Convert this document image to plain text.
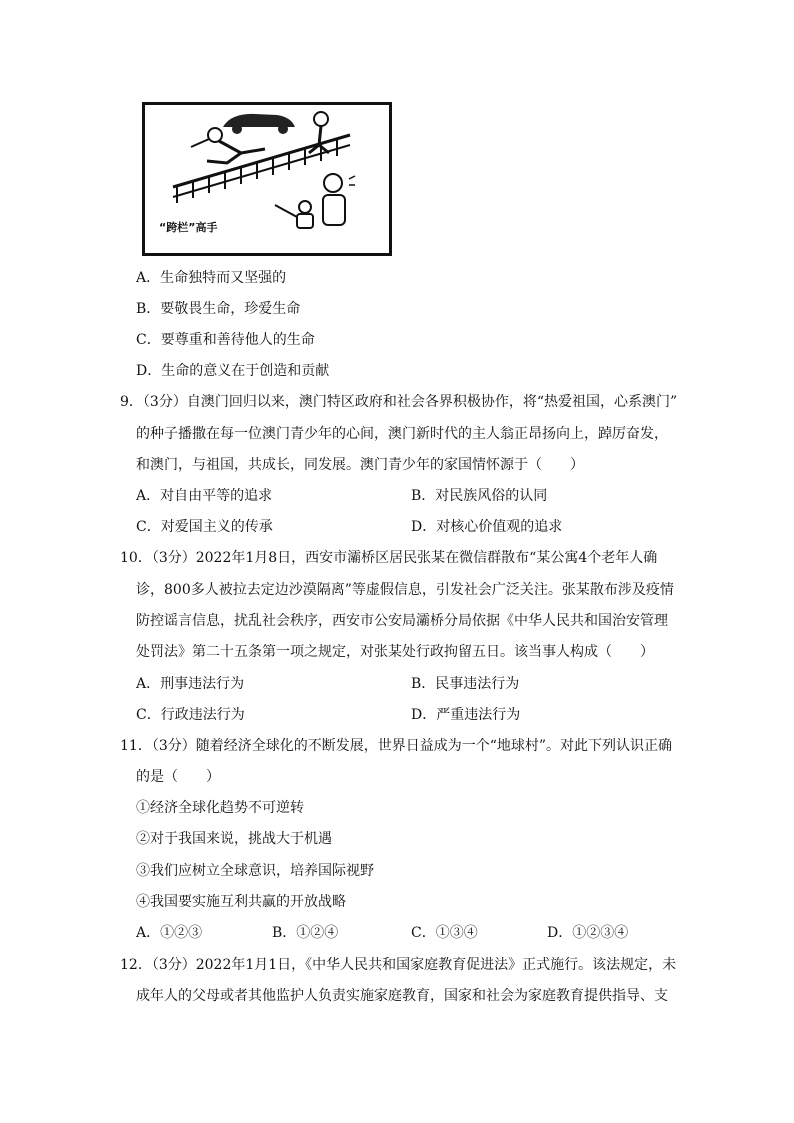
“跨栏”高手
A．生命独特而又坚强的
B．要敬畏生命，珍爱生命
C．要尊重和善待他人的生命
D．生命的意义在于创造和贡献
9．（3分）自澳门回归以来，澳门特区政府和社会各界积极协作，将“热爱祖国，心系澳门”
的种子播撒在每一位澳门青少年的心间，澳门新时代的主人翁正昂扬向上，踔厉奋发，
和澳门，与祖国，共成长，同发展。澳门青少年的家国情怀源于（　　）
A．对自由平等的追求	B．对民族风俗的认同
C．对爱国主义的传承	D．对核心价值观的追求
10．（3分）2022年1月8日，西安市灞桥区居民张某在微信群散布“某公寓4个老年人确
诊，800多人被拉去定边沙漠隔离”等虚假信息，引发社会广泛关注。张某散布涉及疫情
防控谣言信息，扰乱社会秩序，西安市公安局灞桥分局依据《中华人民共和国治安管理
处罚法》第二十五条第一项之规定，对张某处行政拘留五日。该当事人构成（　　）
A．刑事违法行为	B．民事违法行为
C．行政违法行为	D．严重违法行为
11．（3分）随着经济全球化的不断发展，世界日益成为一个“地球村”。对此下列认识正确
的是（　　）
①经济全球化趋势不可逆转
②对于我国来说，挑战大于机遇
③我们应树立全球意识，培养国际视野
④我国要实施互利共赢的开放战略
A．①②③	B．①②④	C．①③④	D．①②③④
12．（3分）2022年1月1日，《中华人民共和国家庭教育促进法》正式施行。该法规定，未
成年人的父母或者其他监护人负责实施家庭教育，国家和社会为家庭教育提供指导、支
